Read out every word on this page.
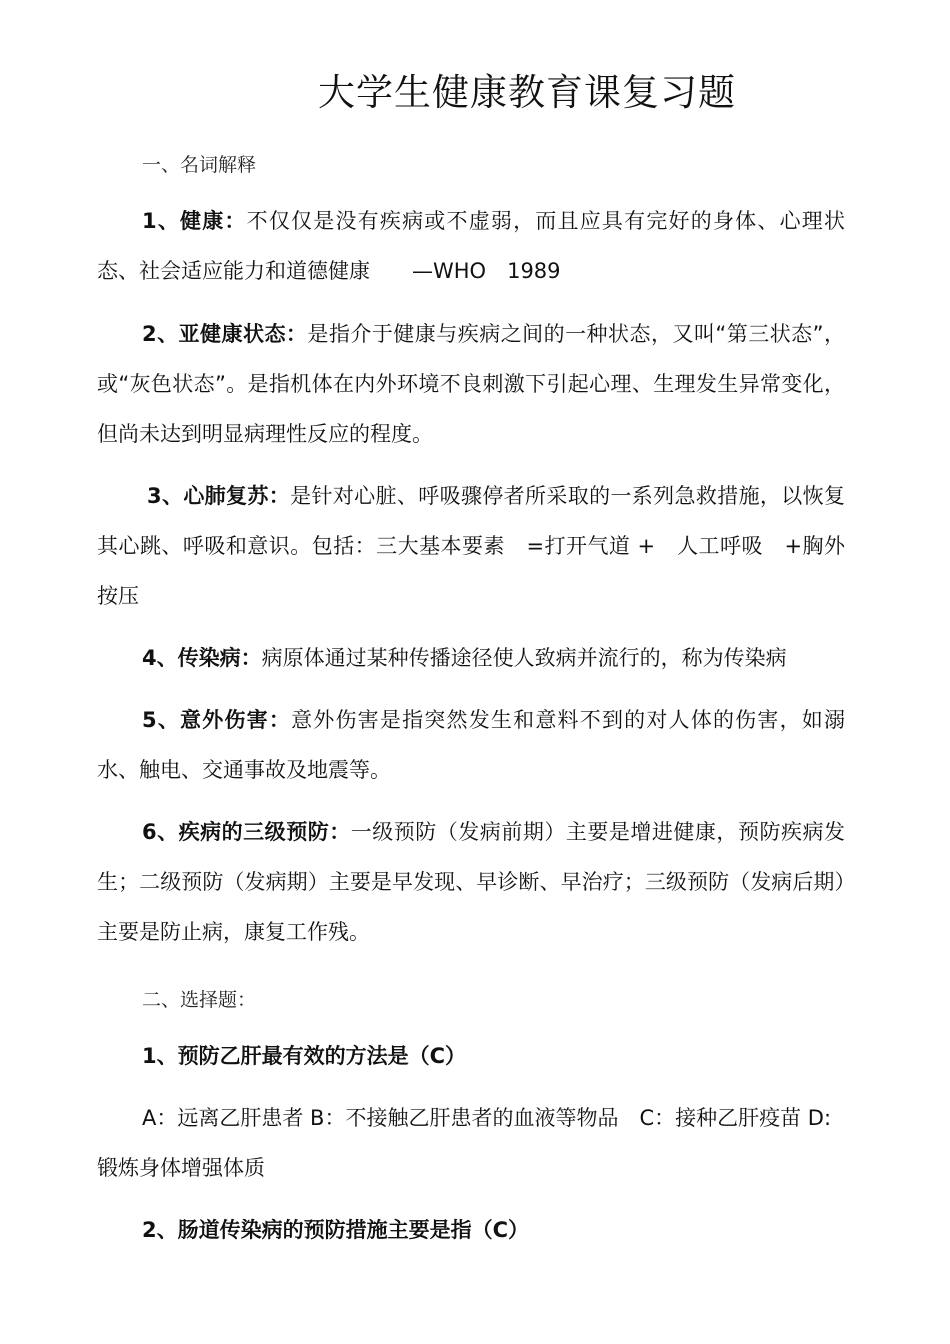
大学生健康教育课复习题
一、名词解释
1、健康：不仅仅是没有疾病或不虚弱，而且应具有完好的身体、心理状态、社会适应能力和道德健康　　—WHO　1989
2、亚健康状态：是指介于健康与疾病之间的一种状态，又叫“第三状态”，或“灰色状态”。是指机体在内外环境不良刺激下引起心理、生理发生异常变化，但尚未达到明显病理性反应的程度。
3、心肺复苏：是针对心脏、呼吸骤停者所采取的一系列急救措施，以恢复其心跳、呼吸和意识。包括：三大基本要素　=打开气道 +　人工呼吸　+胸外按压
4、传染病：病原体通过某种传播途径使人致病并流行的，称为传染病
5、意外伤害：意外伤害是指突然发生和意料不到的对人体的伤害，如溺水、触电、交通事故及地震等。
6、疾病的三级预防：一级预防（发病前期）主要是增进健康，预防疾病发生；二级预防（发病期）主要是早发现、早诊断、早治疗；三级预防（发病后期）主要是防止病，康复工作残。
二、选择题：
1、预防乙肝最有效的方法是（C）
A：远离乙肝患者 B：不接触乙肝患者的血液等物品　C：接种乙肝疫苗 D:锻炼身体增强体质
2、肠道传染病的预防措施主要是指（C）
